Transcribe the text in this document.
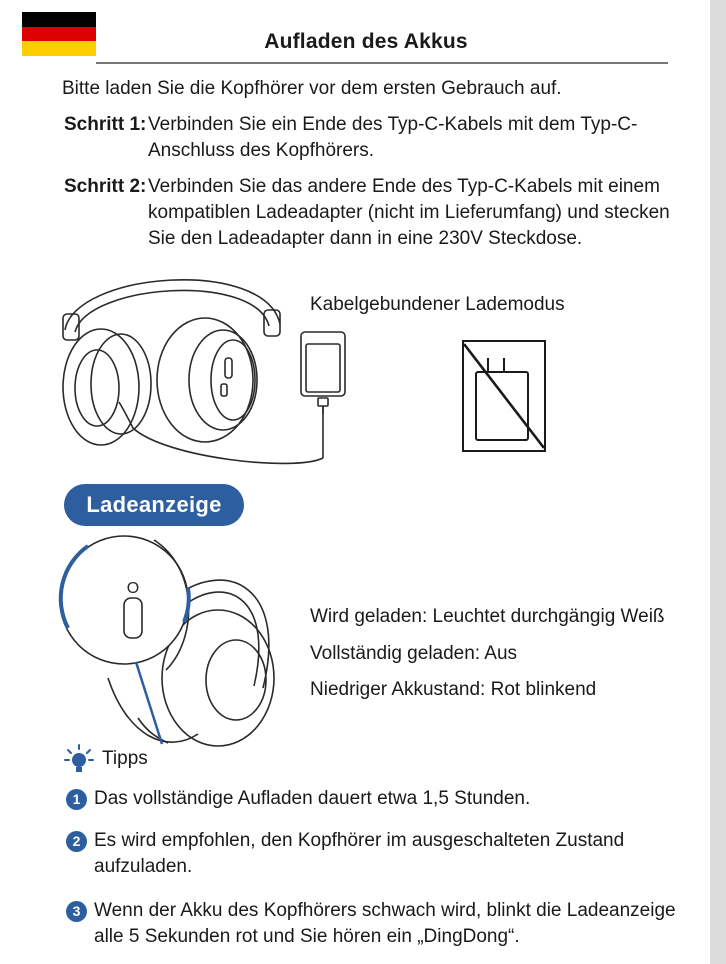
Aufladen des Akkus
Bitte laden Sie die Kopfhörer vor dem ersten Gebrauch auf.
Schritt 1: Verbinden Sie ein Ende des Typ-C-Kabels mit dem Typ-C-Anschluss des Kopfhörers.
Schritt 2: Verbinden Sie das andere Ende des Typ-C-Kabels mit einem kompatiblen Ladeadapter (nicht im Lieferumfang) und stecken Sie den Ladeadapter dann in eine 230V Steckdose.
Kabelgebundener Lademodus
Ladeanzeige
O
Wird geladen: Leuchtet durchgängig Weiß
Vollständig geladen: Aus
Niedriger Akkustand: Rot blinkend
Tipps
1 Das vollständige Aufladen dauert etwa 1,5 Stunden.
2 Es wird empfohlen, den Kopfhörer im ausgeschalteten Zustand aufzuladen.
3 Wenn der Akku des Kopfhörers schwach wird, blinkt die Ladeanzeige alle 5 Sekunden rot und Sie hören ein „DingDong“.
